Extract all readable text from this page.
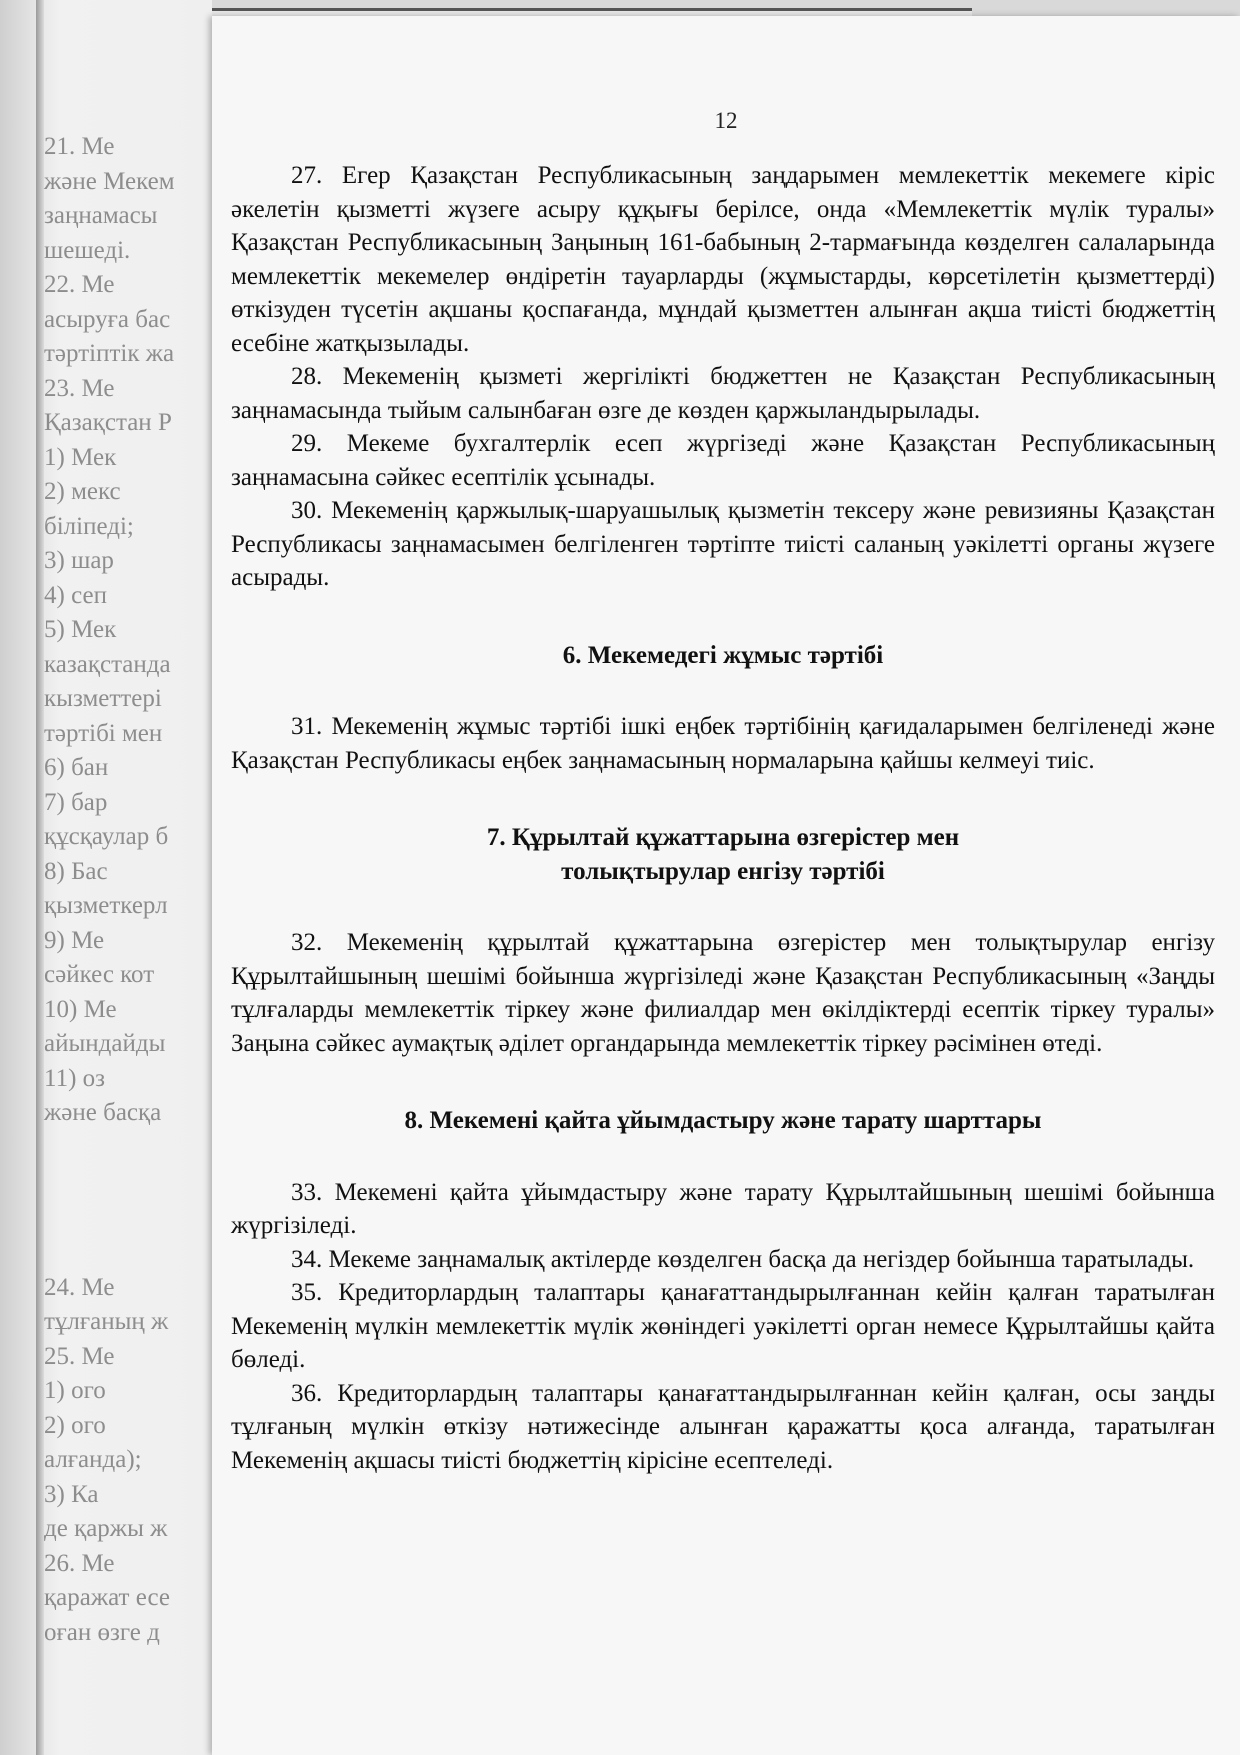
21. Ме
және Мекем
заңнамасы
шешеді.
22. Ме
асыруға бас
тәртіптік жа
23. Ме
Қазақстан Р
1) Мек
2) мекс
біліпеді;
3) шар
4) сеп
5) Мек
казақстанда
кызметтері
тәртібі мен
6) бан
7) бар
құсқаулар б
8) Бас
қызметкерл
9) Ме
сәйкес кот
10) Ме
айындайды
11) оз
және басқа
24. Ме
тұлғаның ж
25. Ме
1) ого
2) ого
алғанда);
3) Ка
де қаржы ж
26. Ме
қаражат есе
оған өзге д
12

27. Егер Қазақстан Республикасының заңдарымен мемлекеттік мекемеге кіріс әкелетін қызметті жүзеге асыру құқығы берілсе, онда «Мемлекеттік мүлік туралы» Қазақстан Республикасының Заңының 161-бабының 2-тармағында көзделген салаларында мемлекеттік мекемелер өндіретін тауарларды (жұмыстарды, көрсетілетін қызметтерді) өткізуден түсетін ақшаны қоспағанда, мұндай қызметтен алынған ақша тиісті бюджеттің есебіне жатқызылады.

28. Мекеменің қызметі жергілікті бюджеттен не Қазақстан Республикасының заңнамасында тыйым салынбаған өзге де көзден қаржыландырылады.

29. Мекеме бухгалтерлік есеп жүргізеді және Қазақстан Республикасының заңнамасына сәйкес есептілік ұсынады.

30. Мекеменің қаржылық-шаруашылық қызметін тексеру және ревизияны Қазақстан Республикасы заңнамасымен белгіленген тәртіпте тиісті саланың уәкілетті органы жүзеге асырады.

6. Мекемедегі жұмыс тәртібі

31. Мекеменің жұмыс тәртібі ішкі еңбек тәртібінің қағидаларымен белгіленеді және Қазақстан Республикасы еңбек заңнамасының нормаларына қайшы келмеуі тиіс.

7. Құрылтай құжаттарына өзгерістер мен
толықтырулар енгізу тәртібі

32. Мекеменің құрылтай құжаттарына өзгерістер мен толықтырулар енгізу Құрылтайшының шешімі бойынша жүргізіледі және Қазақстан Республикасының «Заңды тұлғаларды мемлекеттік тіркеу және филиалдар мен өкілдіктерді есептік тіркеу туралы» Заңына сәйкес аумақтық әділет органдарында мемлекеттік тіркеу рәсімінен өтеді.

8. Мекемені қайта ұйымдастыру және тарату шарттары

33. Мекемені қайта ұйымдастыру және тарату Құрылтайшының шешімі бойынша жүргізіледі.

34. Мекеме заңнамалық актілерде көзделген басқа да негіздер бойынша таратылады.

35. Кредиторлардың талаптары қанағаттандырылғаннан кейін қалған таратылған Мекеменің мүлкін мемлекеттік мүлік жөніндегі уәкілетті орган немесе Құрылтайшы қайта бөледі.

36. Кредиторлардың талаптары қанағаттандырылғаннан кейін қалған, осы заңды тұлғаның мүлкін өткізу нәтижесінде алынған қаражатты қоса алғанда, таратылған Мекеменің ақшасы тиісті бюджеттің кірісіне есептеледі.
